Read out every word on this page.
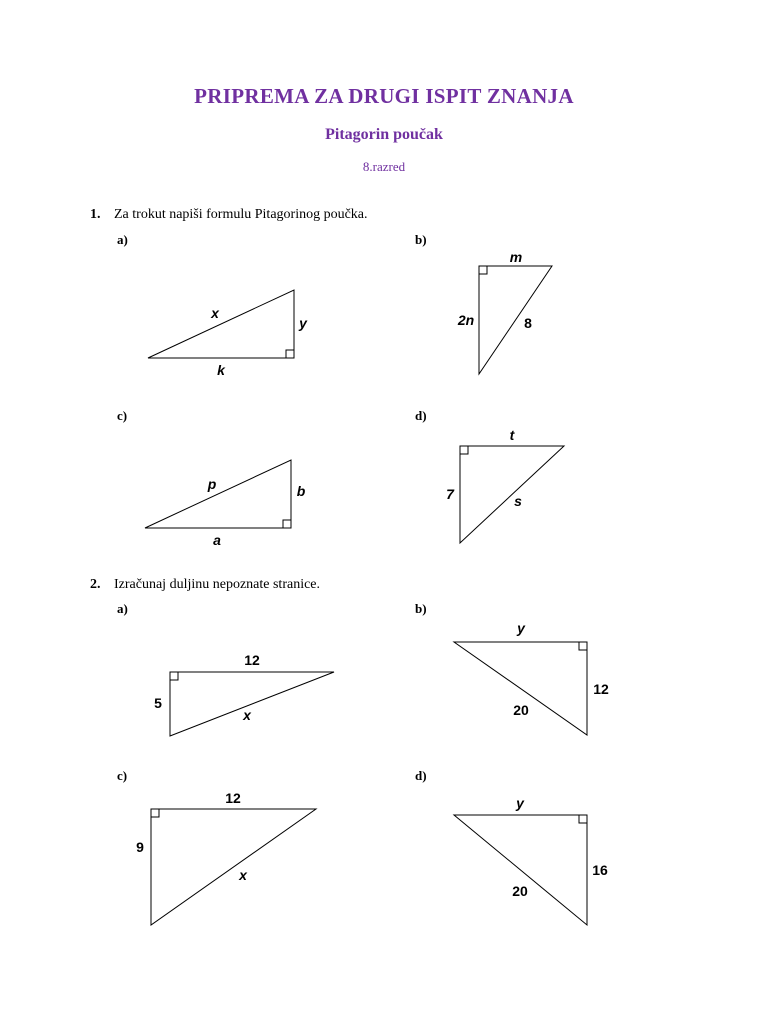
PRIPREMA ZA DRUGI ISPIT ZNANJA
Pitagorin poučak
8.razred
1. Za trokut napiši formulu Pitagorinog poučka.
a)	b)
c)	d)
2. Izračunaj duljinu nepoznate stranice.
a)	b)
c)	d)
x
y
k
m
2n	8
p	b
a
t
7	s
12
5
x
y
12
20
12
9
x
y
16
20
